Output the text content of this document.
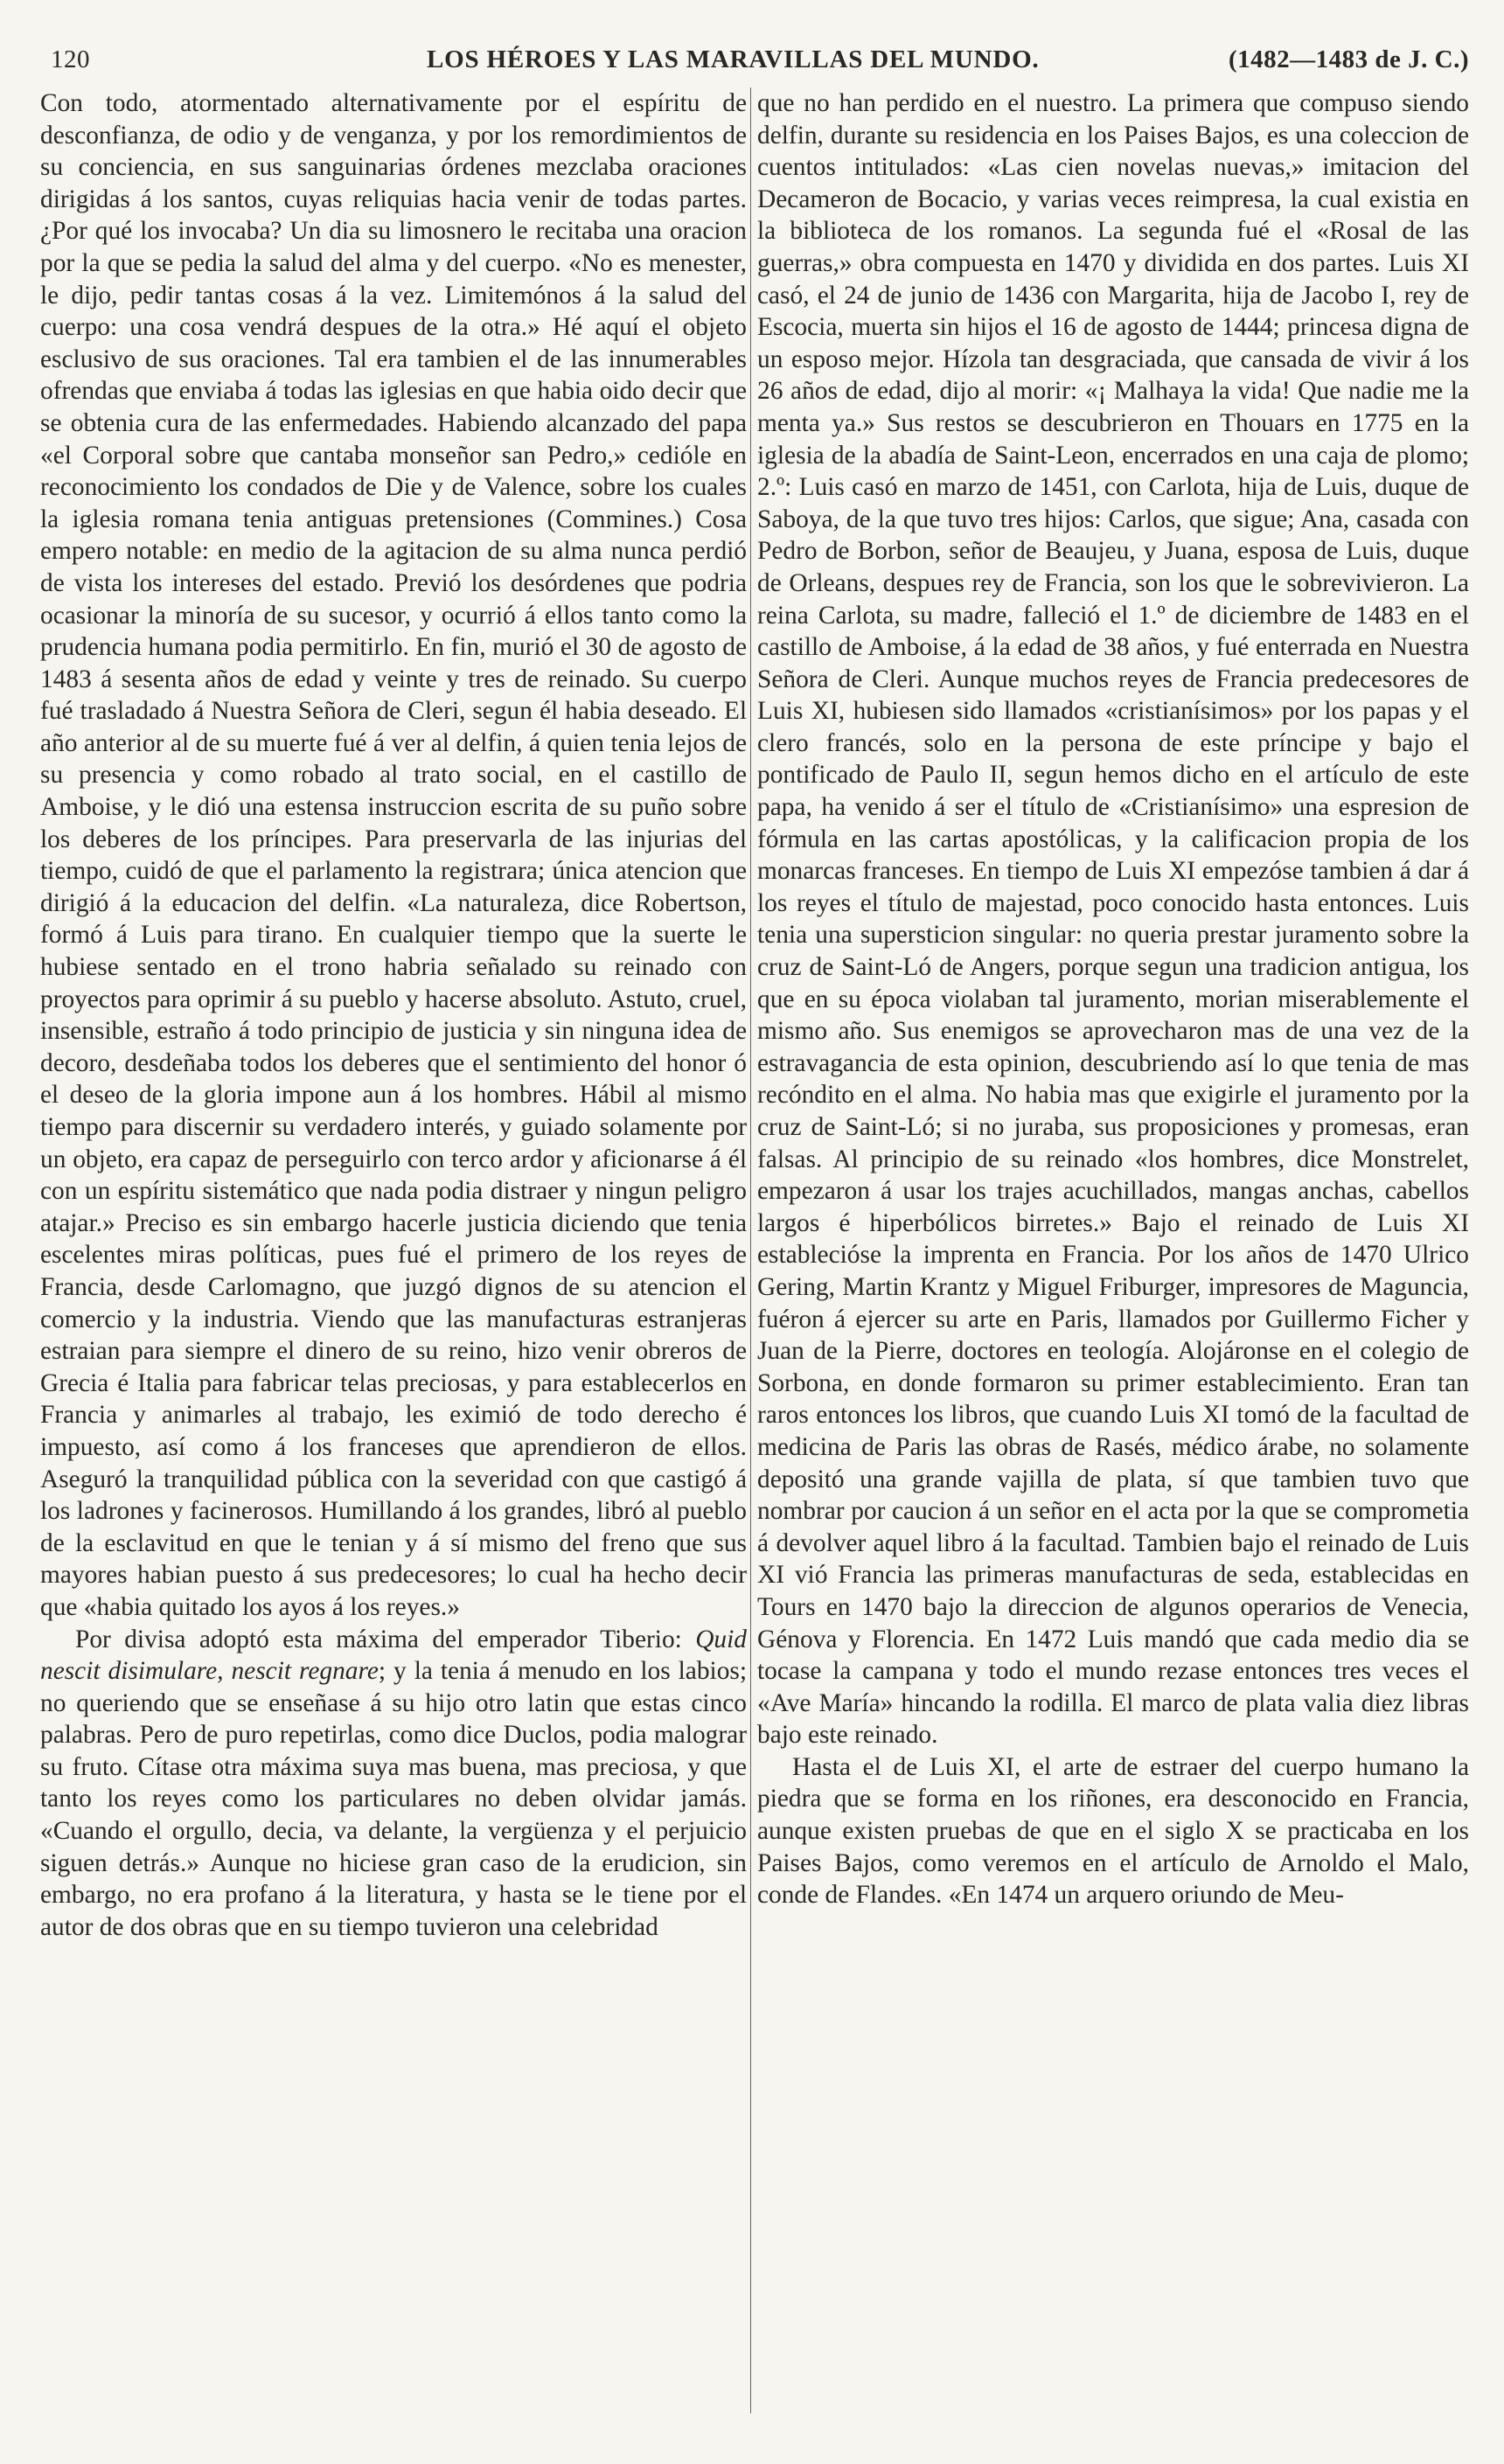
120	LOS HÉROES Y LAS MARAVILLAS DEL MUNDO.	(1482—1483 de J. C.)

Con todo, atormentado alternativamente por el espíritu de desconfianza, de odio y de venganza, y por los remordimientos de su conciencia, en sus sanguinarias órdenes mezclaba oraciones dirigidas á los santos, cuyas reliquias hacia venir de todas partes. ¿Por qué los invocaba? Un dia su limosnero le recitaba una oracion por la que se pedia la salud del alma y del cuerpo. «No es menester, le dijo, pedir tantas cosas á la vez. Limitemónos á la salud del cuerpo: una cosa vendrá despues de la otra.» Hé aquí el objeto esclusivo de sus oraciones. Tal era tambien el de las innumerables ofrendas que enviaba á todas las iglesias en que habia oido decir que se obtenia cura de las enfermedades. Habiendo alcanzado del papa «el Corporal sobre que cantaba monseñor san Pedro,» cedióle en reconocimiento los condados de Die y de Valence, sobre los cuales la iglesia romana tenia antiguas pretensiones (Commines.) Cosa empero notable: en medio de la agitacion de su alma nunca perdió de vista los intereses del estado. Previó los desórdenes que podria ocasionar la minoría de su sucesor, y ocurrió á ellos tanto como la prudencia humana podia permitirlo. En fin, murió el 30 de agosto de 1483 á sesenta años de edad y veinte y tres de reinado. Su cuerpo fué trasladado á Nuestra Señora de Cleri, segun él habia deseado. El año anterior al de su muerte fué á ver al delfin, á quien tenia lejos de su presencia y como robado al trato social, en el castillo de Amboise, y le dió una estensa instruccion escrita de su puño sobre los deberes de los príncipes. Para preservarla de las injurias del tiempo, cuidó de que el parlamento la registrara; única atencion que dirigió á la educacion del delfin. «La naturaleza, dice Robertson, formó á Luis para tirano. En cualquier tiempo que la suerte le hubiese sentado en el trono habria señalado su reinado con proyectos para oprimir á su pueblo y hacerse absoluto. Astuto, cruel, insensible, estraño á todo principio de justicia y sin ninguna idea de decoro, desdeñaba todos los deberes que el sentimiento del honor ó el deseo de la gloria impone aun á los hombres. Hábil al mismo tiempo para discernir su verdadero interés, y guiado solamente por un objeto, era capaz de perseguirlo con terco ardor y aficionarse á él con un espíritu sistemático que nada podia distraer y ningun peligro atajar.» Preciso es sin embargo hacerle justicia diciendo que tenia escelentes miras políticas, pues fué el primero de los reyes de Francia, desde Carlomagno, que juzgó dignos de su atencion el comercio y la industria. Viendo que las manufacturas estranjeras estraian para siempre el dinero de su reino, hizo venir obreros de Grecia é Italia para fabricar telas preciosas, y para establecerlos en Francia y animarles al trabajo, les eximió de todo derecho é impuesto, así como á los franceses que aprendieron de ellos. Aseguró la tranquilidad pública con la severidad con que castigó á los ladrones y facinerosos. Humillando á los grandes, libró al pueblo de la esclavitud en que le tenian y á sí mismo del freno que sus mayores habian puesto á sus predecesores; lo cual ha hecho decir que «habia quitado los ayos á los reyes.»

Por divisa adoptó esta máxima del emperador Tiberio: Quid nescit disimulare, nescit regnare; y la tenia á menudo en los labios; no queriendo que se enseñase á su hijo otro latin que estas cinco palabras. Pero de puro repetirlas, como dice Duclos, podia malograr su fruto. Cítase otra máxima suya mas buena, mas preciosa, y que tanto los reyes como los particulares no deben olvidar jamás. «Cuando el orgullo, decia, va delante, la vergüenza y el perjuicio siguen detrás.» Aunque no hiciese gran caso de la erudicion, sin embargo, no era profano á la literatura, y hasta se le tiene por el autor de dos obras que en su tiempo tuvieron una celebridad

que no han perdido en el nuestro. La primera que compuso siendo delfin, durante su residencia en los Paises Bajos, es una coleccion de cuentos intitulados: «Las cien novelas nuevas,» imitacion del Decameron de Bocacio, y varias veces reimpresa, la cual existia en la biblioteca de los romanos. La segunda fué el «Rosal de las guerras,» obra compuesta en 1470 y dividida en dos partes. Luis XI casó, el 24 de junio de 1436 con Margarita, hija de Jacobo I, rey de Escocia, muerta sin hijos el 16 de agosto de 1444; princesa digna de un esposo mejor. Hízola tan desgraciada, que cansada de vivir á los 26 años de edad, dijo al morir: «¡ Malhaya la vida! Que nadie me la menta ya.» Sus restos se descubrieron en Thouars en 1775 en la iglesia de la abadía de Saint-Leon, encerrados en una caja de plomo; 2.º: Luis casó en marzo de 1451, con Carlota, hija de Luis, duque de Saboya, de la que tuvo tres hijos: Carlos, que sigue; Ana, casada con Pedro de Borbon, señor de Beaujeu, y Juana, esposa de Luis, duque de Orleans, despues rey de Francia, son los que le sobrevivieron. La reina Carlota, su madre, falleció el 1.º de diciembre de 1483 en el castillo de Amboise, á la edad de 38 años, y fué enterrada en Nuestra Señora de Cleri. Aunque muchos reyes de Francia predecesores de Luis XI, hubiesen sido llamados «cristianísimos» por los papas y el clero francés, solo en la persona de este príncipe y bajo el pontificado de Paulo II, segun hemos dicho en el artículo de este papa, ha venido á ser el título de «Cristianísimo» una espresion de fórmula en las cartas apostólicas, y la calificacion propia de los monarcas franceses. En tiempo de Luis XI empezóse tambien á dar á los reyes el título de majestad, poco conocido hasta entonces. Luis tenia una supersticion singular: no queria prestar juramento sobre la cruz de Saint-Ló de Angers, porque segun una tradicion antigua, los que en su época violaban tal juramento, morian miserablemente el mismo año. Sus enemigos se aprovecharon mas de una vez de la estravagancia de esta opinion, descubriendo así lo que tenia de mas recóndito en el alma. No habia mas que exigirle el juramento por la cruz de Saint-Ló; si no juraba, sus proposiciones y promesas, eran falsas. Al principio de su reinado «los hombres, dice Monstrelet, empezaron á usar los trajes acuchillados, mangas anchas, cabellos largos é hiperbólicos birretes.» Bajo el reinado de Luis XI establecióse la imprenta en Francia. Por los años de 1470 Ulrico Gering, Martin Krantz y Miguel Friburger, impresores de Maguncia, fuéron á ejercer su arte en Paris, llamados por Guillermo Ficher y Juan de la Pierre, doctores en teología. Alojáronse en el colegio de Sorbona, en donde formaron su primer establecimiento. Eran tan raros entonces los libros, que cuando Luis XI tomó de la facultad de medicina de Paris las obras de Rasés, médico árabe, no solamente depositó una grande vajilla de plata, sí que tambien tuvo que nombrar por caucion á un señor en el acta por la que se comprometia á devolver aquel libro á la facultad. Tambien bajo el reinado de Luis XI vió Francia las primeras manufacturas de seda, establecidas en Tours en 1470 bajo la direccion de algunos operarios de Venecia, Génova y Florencia. En 1472 Luis mandó que cada medio dia se tocase la campana y todo el mundo rezase entonces tres veces el «Ave María» hincando la rodilla. El marco de plata valia diez libras bajo este reinado.

Hasta el de Luis XI, el arte de estraer del cuerpo humano la piedra que se forma en los riñones, era desconocido en Francia, aunque existen pruebas de que en el siglo X se practicaba en los Paises Bajos, como veremos en el artículo de Arnoldo el Malo, conde de Flandes. «En 1474 un arquero oriundo de Meu-
